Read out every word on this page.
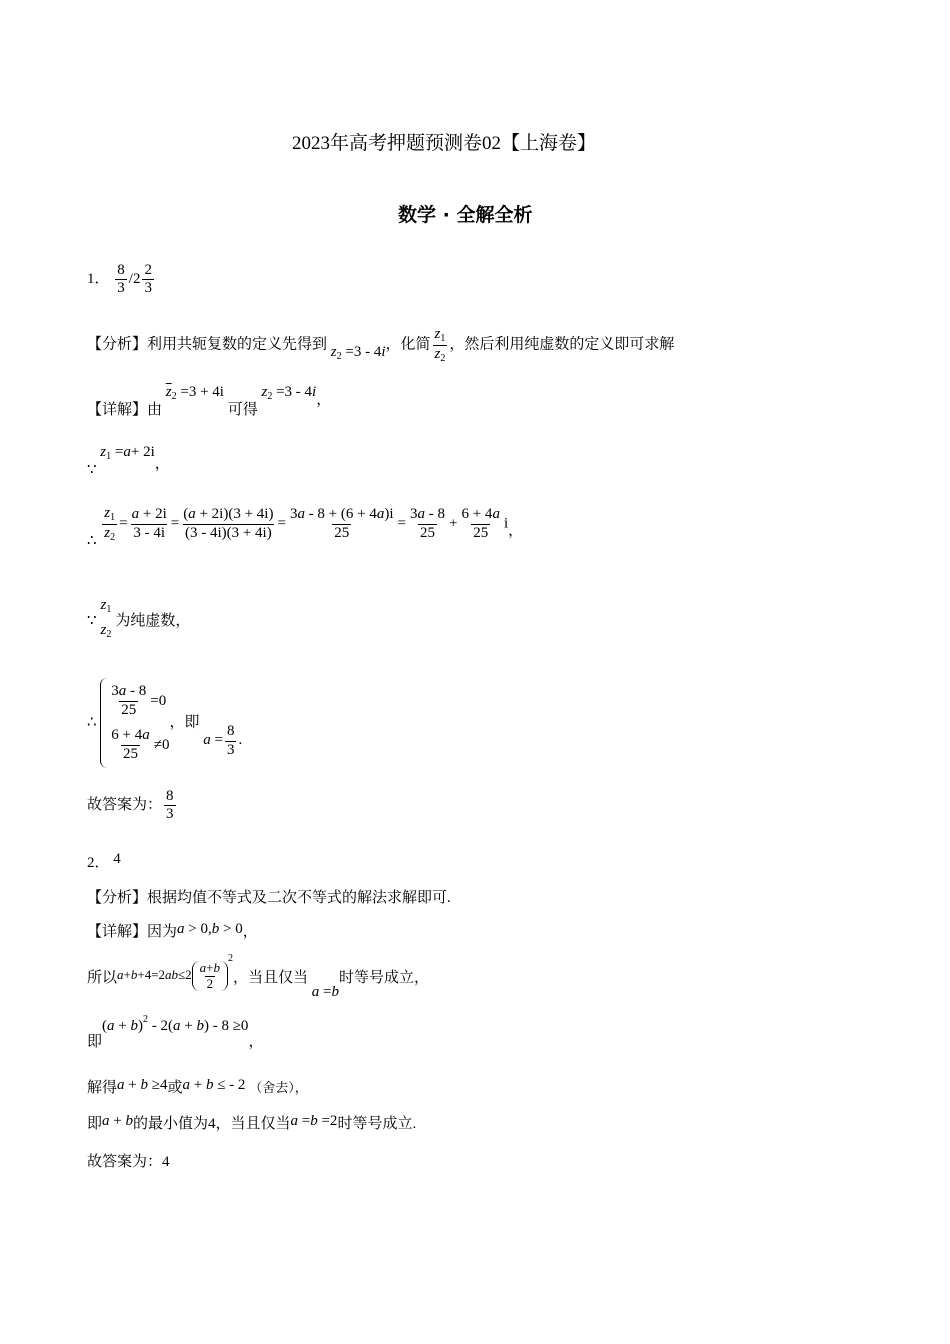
2023年高考押题预测卷02【上海卷】
数学 · 全解全析
1． $\frac{8}{3} /2 \frac{2}{3}$
【分析】利用共轭复数的定义先得到 $z_2 =3 - 4i$，化简 $\frac{z_1}{z_2}$ ，然后利用纯虚数的定义即可求解
【详解】由 $\overline{z}_2 =3 + 4i$ 可得 $z_2 =3 - 4i$，
∵ $z_1 =a+ 2i$，
∴ $\frac{z_1}{z_2} = \frac{a + 2i}{3 - 4i} = \frac{(a + 2i)(3 + 4i)}{(3 - 4i)(3 + 4i)} = \frac{3a - 8 + (6 + 4a)i}{25} = \frac{3a - 8}{25} + \frac{6 + 4a}{25}$ i，
∵
$z_1$
$z_2$
为纯虚数，
∴
$\frac{3a - 8}{25} =0$
$\frac{6 + 4a}{25} \ne 0$
，即 $a = \frac{8}{3}$ .
故答案为： $\frac{8}{3}$
2． 4
【分析】根据均值不等式及二次不等式的解法求解即可.
【详解】因为a > 0,b > 0，
所以$a+b+4=2ab\le 2 \frac{a+b}{2}$
$^2$，当且仅当 a =b时等号成立，
即$(a + b)^2 - 2(a + b) - 8 \ge 0$，
解得a + b ≥4或a + b ≤ - 2 （舍去），
即a + b的最小值为4，当且仅当a =b =2时等号成立.
故答案为：4
